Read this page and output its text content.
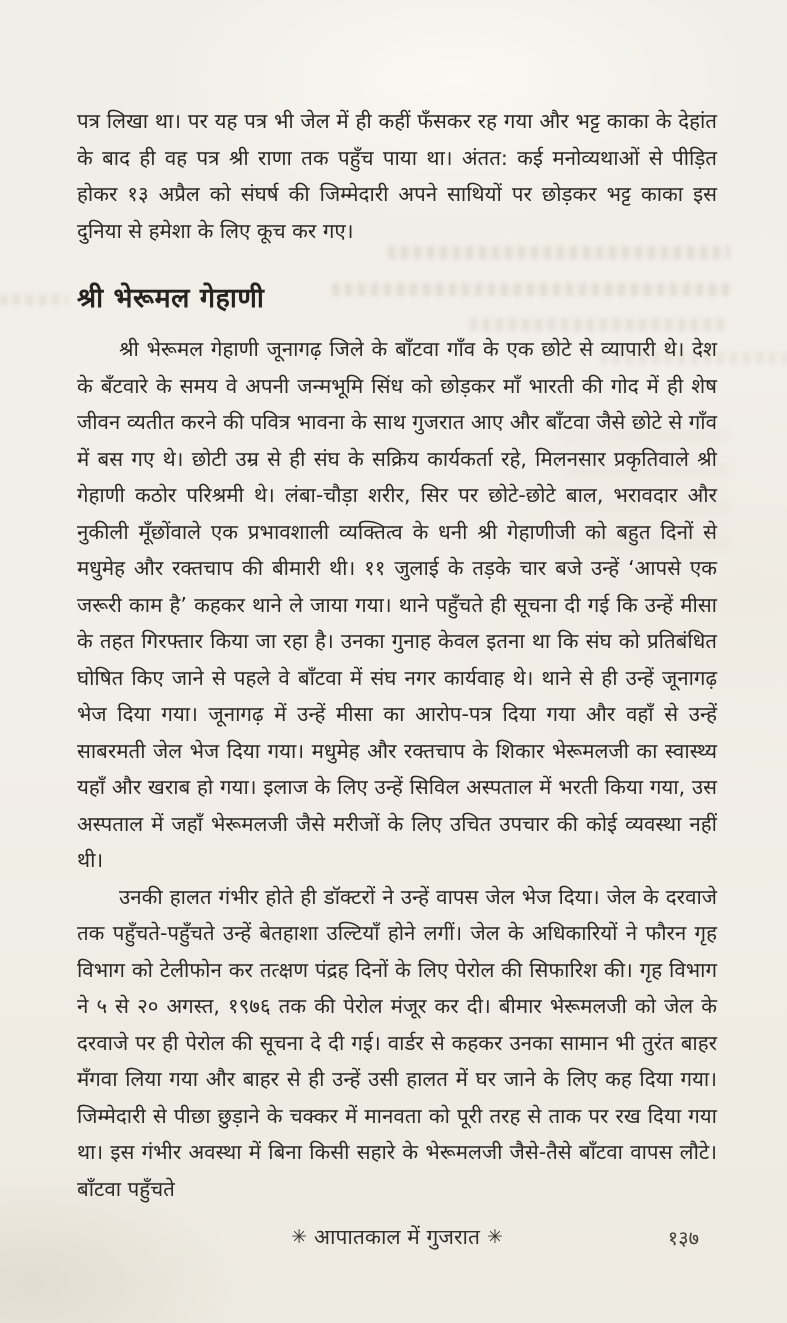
पत्र लिखा था। पर यह पत्र भी जेल में ही कहीं फँसकर रह गया और भट्ट काका के देहांत के बाद ही वह पत्र श्री राणा तक पहुँच पाया था। अंतत: कई मनोव्यथाओं से पीड़ित होकर १३ अप्रैल को संघर्ष की जिम्मेदारी अपने साथियों पर छोड़कर भट्ट काका इस दुनिया से हमेशा के लिए कूच कर गए।

श्री भेरूमल गेहाणी

श्री भेरूमल गेहाणी जूनागढ़ जिले के बाँटवा गाँव के एक छोटे से व्यापारी थे। देश के बँटवारे के समय वे अपनी जन्मभूमि सिंध को छोड़कर माँ भारती की गोद में ही शेष जीवन व्यतीत करने की पवित्र भावना के साथ गुजरात आए और बाँटवा जैसे छोटे से गाँव में बस गए थे। छोटी उम्र से ही संघ के सक्रिय कार्यकर्ता रहे, मिलनसार प्रकृतिवाले श्री गेहाणी कठोर परिश्रमी थे। लंबा-चौड़ा शरीर, सिर पर छोटे-छोटे बाल, भरावदार और नुकीली मूँछोंवाले एक प्रभावशाली व्यक्तित्व के धनी श्री गेहाणीजी को बहुत दिनों से मधुमेह और रक्तचाप की बीमारी थी। ११ जुलाई के तड़के चार बजे उन्हें ‘आपसे एक जरूरी काम है’ कहकर थाने ले जाया गया। थाने पहुँचते ही सूचना दी गई कि उन्हें मीसा के तहत गिरफ्तार किया जा रहा है। उनका गुनाह केवल इतना था कि संघ को प्रतिबंधित घोषित किए जाने से पहले वे बाँटवा में संघ नगर कार्यवाह थे। थाने से ही उन्हें जूनागढ़ भेज दिया गया। जूनागढ़ में उन्हें मीसा का आरोप-पत्र दिया गया और वहाँ से उन्हें साबरमती जेल भेज दिया गया। मधुमेह और रक्तचाप के शिकार भेरूमलजी का स्वास्थ्य यहाँ और खराब हो गया। इलाज के लिए उन्हें सिविल अस्पताल में भरती किया गया, उस अस्पताल में जहाँ भेरूमलजी जैसे मरीजों के लिए उचित उपचार की कोई व्यवस्था नहीं थी।

उनकी हालत गंभीर होते ही डॉक्टरों ने उन्हें वापस जेल भेज दिया। जेल के दरवाजे तक पहुँचते-पहुँचते उन्हें बेतहाशा उल्टियाँ होने लगीं। जेल के अधिकारियों ने फौरन गृह विभाग को टेलीफोन कर तत्क्षण पंद्रह दिनों के लिए पेरोल की सिफारिश की। गृह विभाग ने ५ से २० अगस्त, १९७६ तक की पेरोल मंजूर कर दी। बीमार भेरूमलजी को जेल के दरवाजे पर ही पेरोल की सूचना दे दी गई। वार्डर से कहकर उनका सामान भी तुरंत बाहर मँगवा लिया गया और बाहर से ही उन्हें उसी हालत में घर जाने के लिए कह दिया गया। जिम्मेदारी से पीछा छुड़ाने के चक्कर में मानवता को पूरी तरह से ताक पर रख दिया गया था। इस गंभीर अवस्था में बिना किसी सहारे के भेरूमलजी जैसे-तैसे बाँटवा वापस लौटे। बाँटवा पहुँचते

✳ आपातकाल में गुजरात ✳	१३७
